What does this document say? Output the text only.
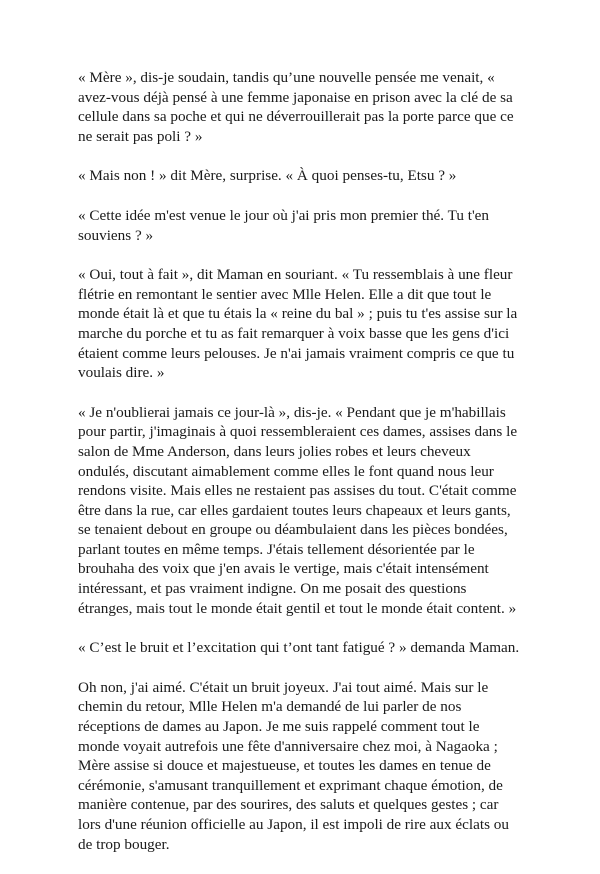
« Mère », dis-je soudain, tandis qu’une nouvelle pensée me venait, « avez-vous déjà pensé à une femme japonaise en prison avec la clé de sa cellule dans sa poche et qui ne déverrouillerait pas la porte parce que ce ne serait pas poli ? »

« Mais non ! » dit Mère, surprise. « À quoi penses-tu, Etsu ? »

« Cette idée m'est venue le jour où j'ai pris mon premier thé. Tu t'en souviens ? »

« Oui, tout à fait », dit Maman en souriant. « Tu ressemblais à une fleur flétrie en remontant le sentier avec Mlle Helen. Elle a dit que tout le monde était là et que tu étais la « reine du bal » ; puis tu t'es assise sur la marche du porche et tu as fait remarquer à voix basse que les gens d'ici étaient comme leurs pelouses. Je n'ai jamais vraiment compris ce que tu voulais dire. »

« Je n'oublierai jamais ce jour-là », dis-je. « Pendant que je m'habillais pour partir, j'imaginais à quoi ressembleraient ces dames, assises dans le salon de Mme Anderson, dans leurs jolies robes et leurs cheveux ondulés, discutant aimablement comme elles le font quand nous leur rendons visite. Mais elles ne restaient pas assises du tout. C'était comme être dans la rue, car elles gardaient toutes leurs chapeaux et leurs gants, se tenaient debout en groupe ou déambulaient dans les pièces bondées, parlant toutes en même temps. J'étais tellement désorientée par le brouhaha des voix que j'en avais le vertige, mais c'était intensément intéressant, et pas vraiment indigne. On me posait des questions étranges, mais tout le monde était gentil et tout le monde était content. »

« C’est le bruit et l’excitation qui t’ont tant fatigué ? » demanda Maman.

Oh non, j'ai aimé. C'était un bruit joyeux. J'ai tout aimé. Mais sur le chemin du retour, Mlle Helen m'a demandé de lui parler de nos réceptions de dames au Japon. Je me suis rappelé comment tout le monde voyait autrefois une fête d'anniversaire chez moi, à Nagaoka ; Mère assise si douce et majestueuse, et toutes les dames en tenue de cérémonie, s'amusant tranquillement et exprimant chaque émotion, de manière contenue, par des sourires, des saluts et quelques gestes ; car lors d'une réunion officielle au Japon, il est impoli de rire aux éclats ou de trop bouger.
